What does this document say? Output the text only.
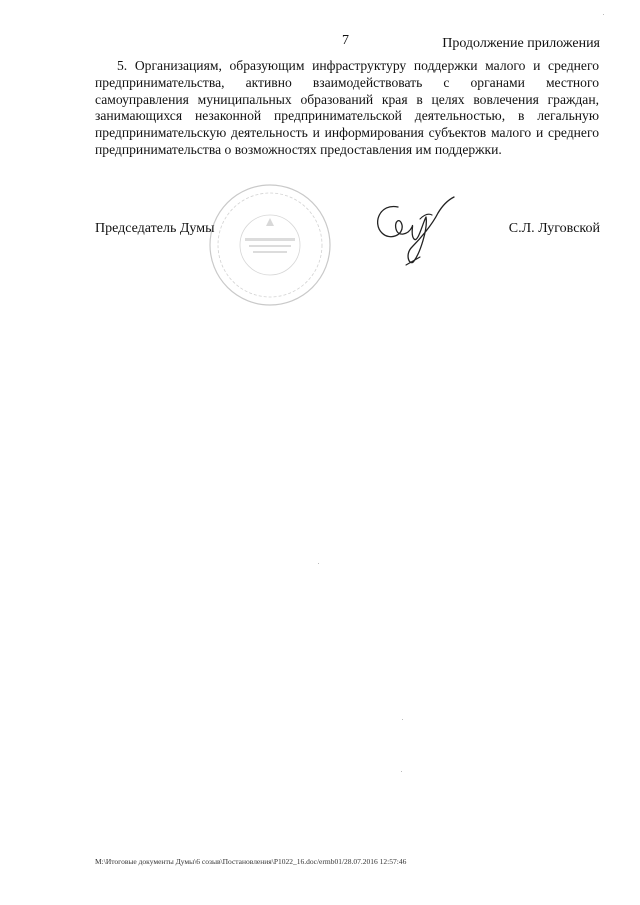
7	Продолжение приложения

5. Организациям, образующим инфраструктуру поддержки малого и среднего предпринимательства, активно взаимодействовать с органами местного самоуправления муниципальных образований края в целях вовлечения граждан, занимающихся незаконной предпринимательской деятельностью, в легальную предпринимательскую деятельность и информирования субъектов малого и среднего предпринимательства о возможностях предоставления им поддержки.

Председатель Думы	С.Л. Луговской
M:\Итоговые документы Думы\6 созыв\Постановления\P1022_16.doc/ermb01/28.07.2016 12:57:46
